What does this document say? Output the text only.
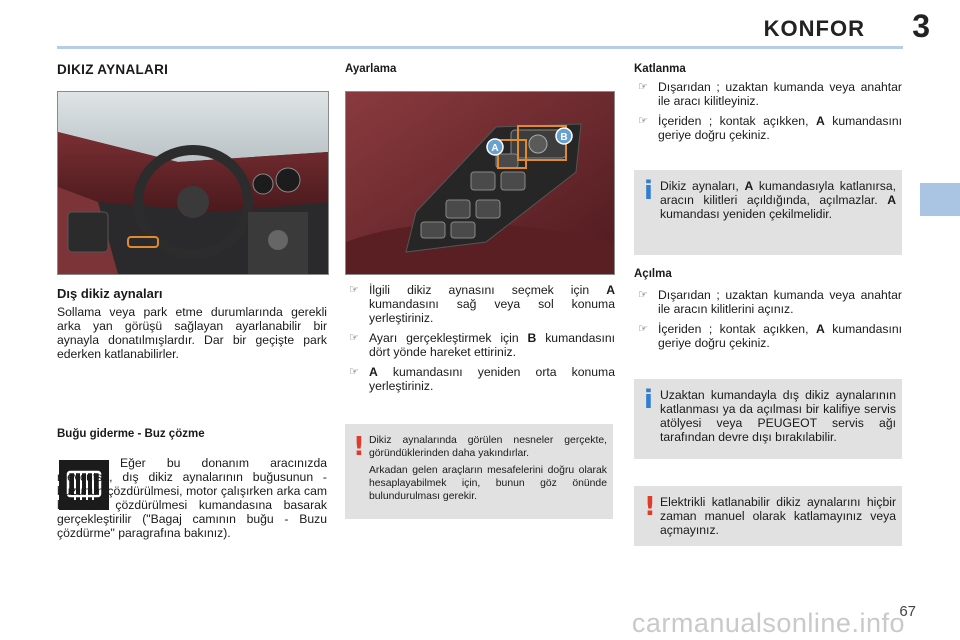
KONFOR 3
DIKIZ AYNALARI
Dış dikiz aynaları
Sollama veya park etme durumlarında gerekli arka yan görüşü sağlayan ayarlanabilir bir aynayla donatılmışlardır. Dar bir geçişte park ederken katlanabilirler.
Buğu giderme - Buz çözme
Eğer bu donanım aracınızda mevcutsa, dış dikiz aynalarının buğusunun - buzunun çözdürülmesi, motor çalışırken arka cam buzunun çözdürülmesi kumandasına basarak gerçekleştirilir ("Bagaj camının buğu - Buzu çözdürme" paragrafına bakınız).
Ayarlama
A
B
☞ İlgili dikiz aynasını seçmek için A kumandasını sağ veya sol konuma yerleştiriniz.
☞ Ayarı gerçekleştirmek için B kumandasını dört yönde hareket ettiriniz.
☞ A kumandasını yeniden orta konuma yerleştiriniz.
! Dikiz aynalarında görülen nesneler gerçekte, göründüklerinden daha yakındırlar.
Arkadan gelen araçların mesafelerini doğru olarak hesaplayabilmek için, bunun göz önünde bulundurulması gerekir.
Katlanma
☞ Dışarıdan ; uzaktan kumanda veya anahtar ile aracı kilitleyiniz.
☞ İçeriden ; kontak açıkken, A kumandasını geriye doğru çekiniz.
i Dikiz aynaları, A kumandasıyla katlanırsa, aracın kilitleri açıldığında, açılmazlar. A kumandası yeniden çekilmelidir.
Açılma
☞ Dışarıdan ; uzaktan kumanda veya anahtar ile aracın kilitlerini açınız.
☞ İçeriden ; kontak açıkken, A kumandasını geriye doğru çekiniz.
i Uzaktan kumandayla dış dikiz aynalarının katlanması ya da açılması bir kalifiye servis atölyesi veya PEUGEOT servis ağı tarafından devre dışı bırakılabilir.
! Elektrikli katlanabilir dikiz aynalarını hiçbir zaman manuel olarak katlamayınız veya açmayınız.
67
carmanualsonline.info
